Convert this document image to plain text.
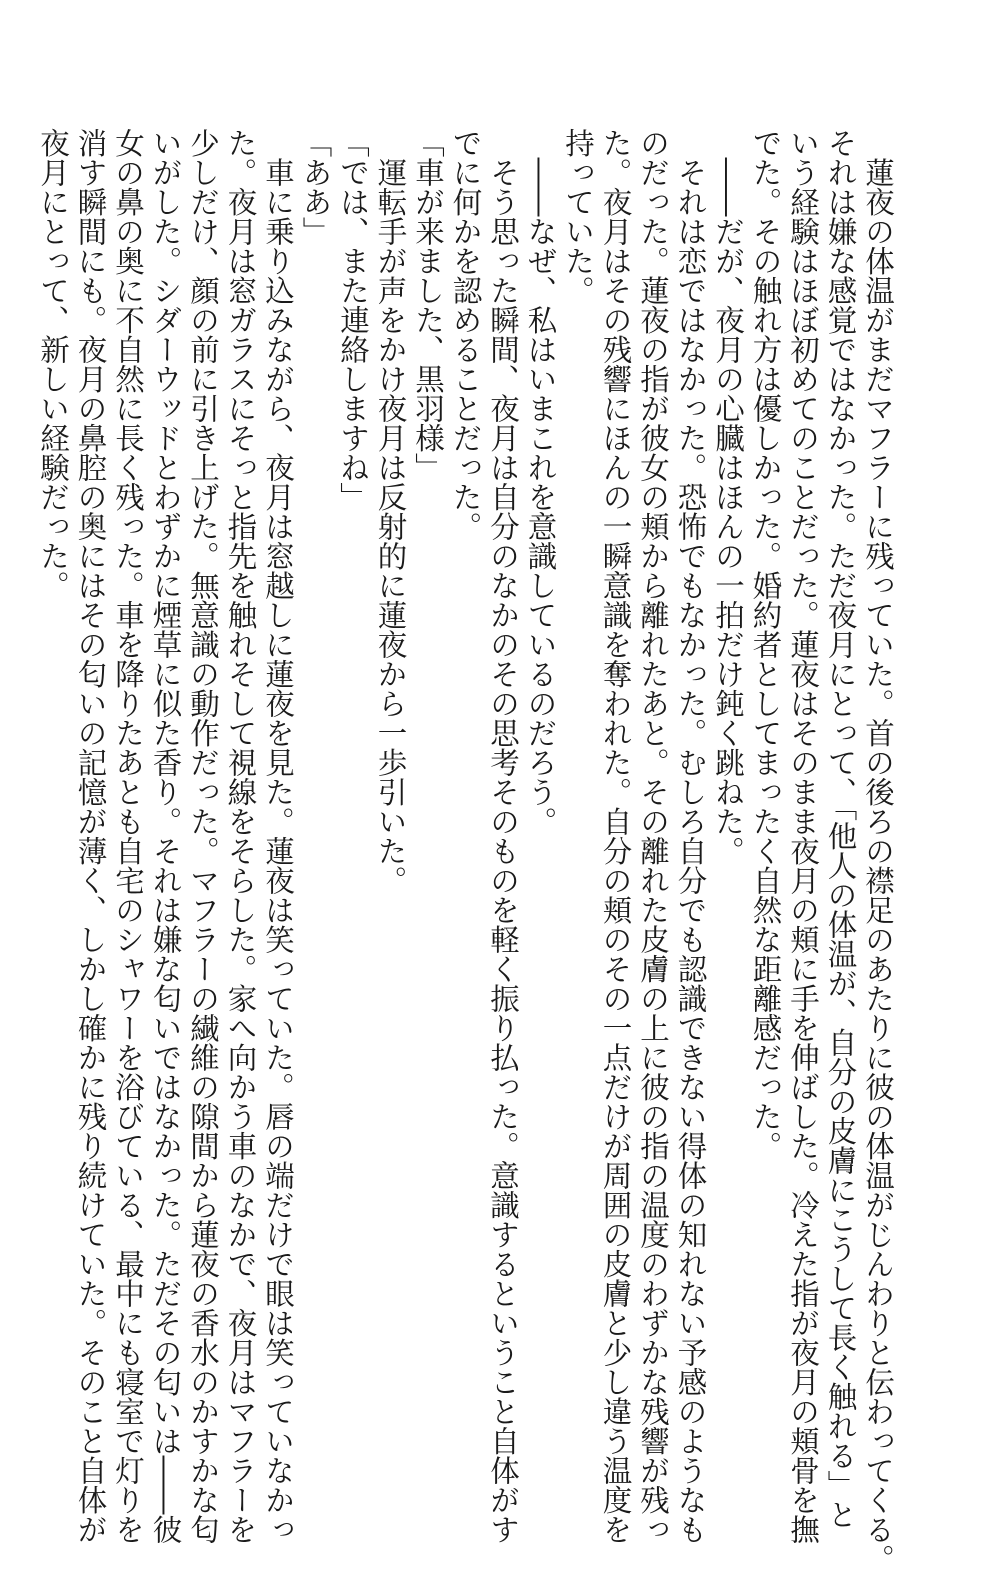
　蓮夜の体温がまだマフラーに残っていた。首の後ろの襟足のあたりに彼の体温がじんわりと伝わってくる。
それは嫌な感覚ではなかった。ただ夜月にとって、「他人の体温が、自分の皮膚にこうして長く触れる」と
いう経験はほぼ初めてのことだった。蓮夜はそのまま夜月の頬に手を伸ばした。冷えた指が夜月の頬骨を撫
でた。その触れ方は優しかった。婚約者としてまったく自然な距離感だった。
　――だが、夜月の心臓はほんの一拍だけ鈍く跳ねた。
　それは恋ではなかった。恐怖でもなかった。むしろ自分でも認識できない得体の知れない予感のようなも
のだった。蓮夜の指が彼女の頬から離れたあと。その離れた皮膚の上に彼の指の温度のわずかな残響が残っ
た。夜月はその残響にほんの一瞬意識を奪われた。自分の頬のその一点だけが周囲の皮膚と少し違う温度を
持っていた。
　――なぜ、私はいまこれを意識しているのだろう。
　そう思った瞬間、夜月は自分のなかのその思考そのものを軽く振り払った。意識するということ自体がす
でに何かを認めることだった。
「車が来ました、黒羽様」
　運転手が声をかけ夜月は反射的に蓮夜から一歩引いた。
「では、また連絡しますね」
「ああ」
　車に乗り込みながら、夜月は窓越しに蓮夜を見た。蓮夜は笑っていた。唇の端だけで眼は笑っていなかっ
た。夜月は窓ガラスにそっと指先を触れそして視線をそらした。家へ向かう車のなかで、夜月はマフラーを
少しだけ、顔の前に引き上げた。無意識の動作だった。マフラーの繊維の隙間から蓮夜の香水のかすかな匂
いがした。シダーウッドとわずかに煙草に似た香り。それは嫌な匂いではなかった。ただその匂いは――彼
女の鼻の奥に不自然に長く残った。車を降りたあとも自宅のシャワーを浴びている、最中にも寝室で灯りを
消す瞬間にも。夜月の鼻腔の奥にはその匂いの記憶が薄く、しかし確かに残り続けていた。そのこと自体が
夜月にとって、新しい経験だった。
